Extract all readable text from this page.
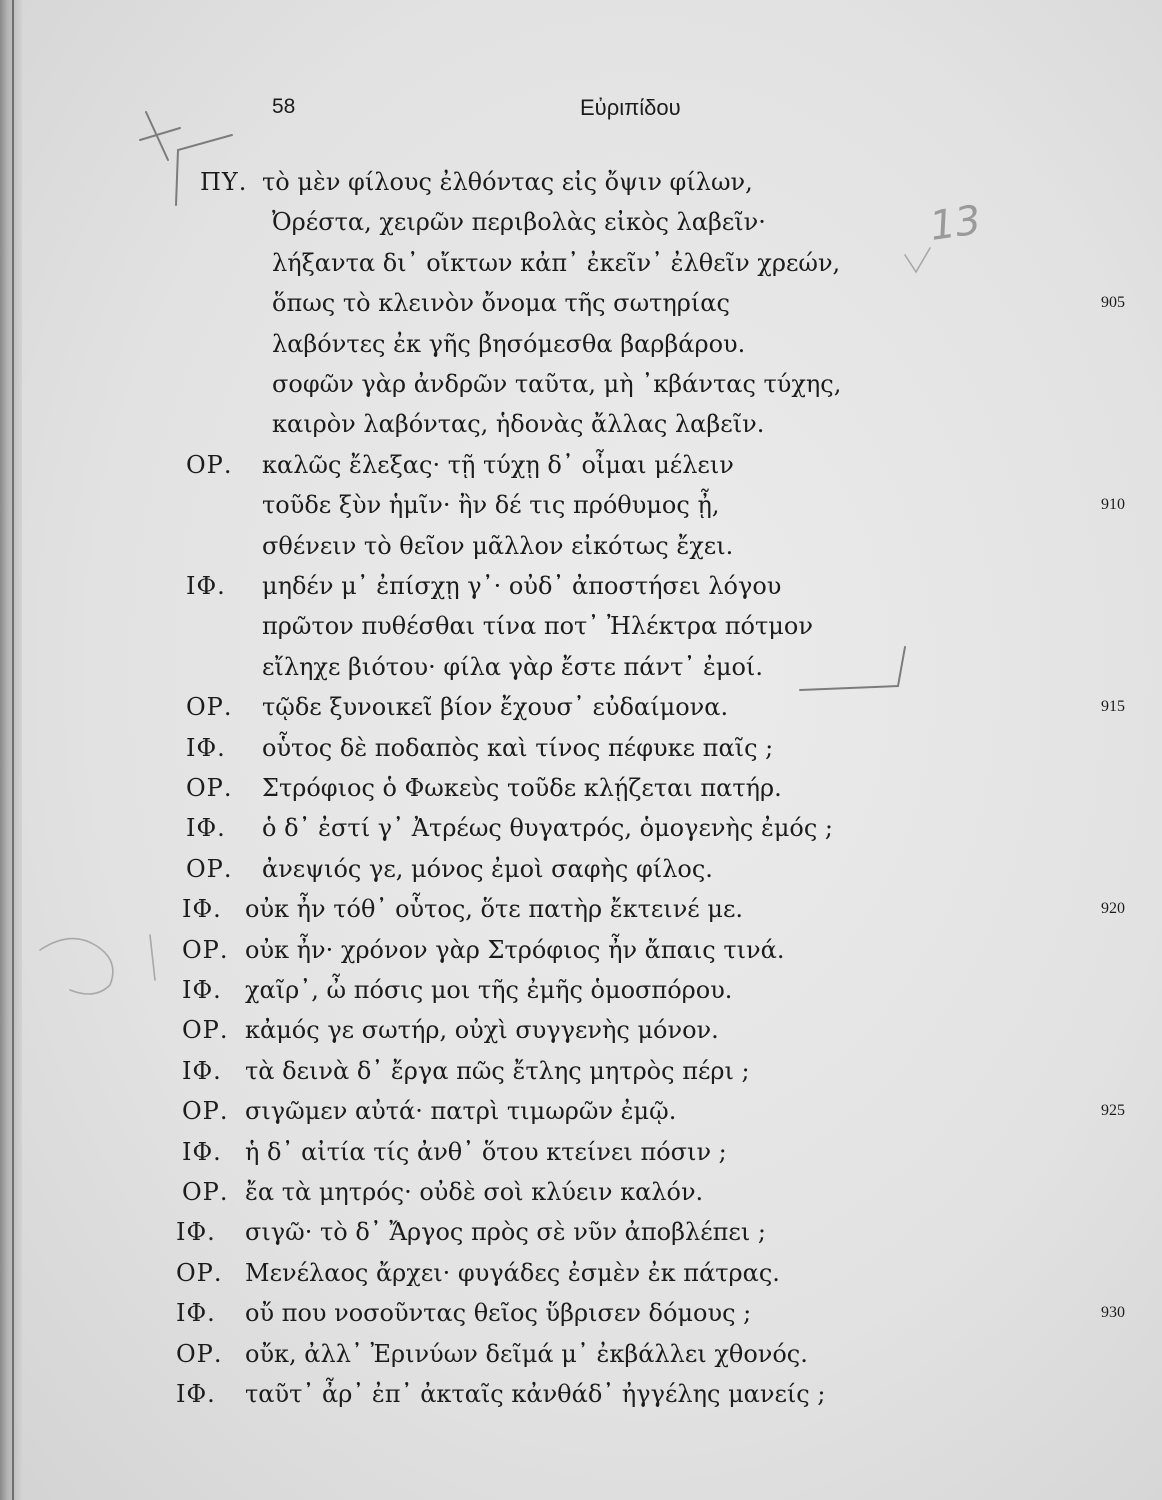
58	Εὐριπίδου
ΠΥ. τὸ μὲν φίλους ἐλθόντας εἰς ὄψιν φίλων,
Ὀρέστα, χειρῶν περιβολὰς εἰκὸς λαβεῖν·
λήξαντα δι᾽ οἴκτων κἀπ᾽ ἐκεῖν᾽ ἐλθεῖν χρεών,
ὅπως τὸ κλεινὸν ὄνομα τῆς σωτηρίας	905
λαβόντες ἐκ γῆς βησόμεσθα βαρβάρου.
σοφῶν γὰρ ἀνδρῶν ταῦτα, μὴ ᾽κβάντας τύχης,
καιρὸν λαβόντας, ἡδονὰς ἄλλας λαβεῖν.
ΟΡ. καλῶς ἔλεξας· τῇ τύχῃ δ᾽ οἶμαι μέλειν
τοῦδε ξὺν ἡμῖν· ἢν δέ τις πρόθυμος ᾖ,	910
σθένειν τὸ θεῖον μᾶλλον εἰκότως ἔχει.
ΙΦ. μηδέν μ᾽ ἐπίσχῃ γ᾽· οὐδ᾽ ἀποστήσει λόγου
πρῶτον πυθέσθαι τίνα ποτ᾽ Ἠλέκτρα πότμον
εἴληχε βιότου· φίλα γὰρ ἔστε πάντ᾽ ἐμοί.
ΟΡ. τῷδε ξυνοικεῖ βίον ἔχουσ᾽ εὐδαίμονα.	915
ΙΦ. οὗτος δὲ ποδαπὸς καὶ τίνος πέφυκε παῖς ;
ΟΡ. Στρόφιος ὁ Φωκεὺς τοῦδε κλῄζεται πατήρ.
ΙΦ. ὁ δ᾽ ἐστί γ᾽ Ἀτρέως θυγατρός, ὁμογενὴς ἐμός ;
ΟΡ. ἀνεψιός γε, μόνος ἐμοὶ σαφὴς φίλος.
ΙΦ. οὐκ ἦν τόθ᾽ οὗτος, ὅτε πατὴρ ἔκτεινέ με.	920
ΟΡ. οὐκ ἦν· χρόνον γὰρ Στρόφιος ἦν ἄπαις τινά.
ΙΦ. χαῖρ᾽, ὦ πόσις μοι τῆς ἐμῆς ὁμοσπόρου.
ΟΡ. κἀμός γε σωτήρ, οὐχὶ συγγενὴς μόνον.
ΙΦ. τὰ δεινὰ δ᾽ ἔργα πῶς ἔτλης μητρὸς πέρι ;
ΟΡ. σιγῶμεν αὐτά· πατρὶ τιμωρῶν ἐμῷ.	925
ΙΦ. ἡ δ᾽ αἰτία τίς ἀνθ᾽ ὅτου κτείνει πόσιν ;
ΟΡ. ἔα τὰ μητρός· οὐδὲ σοὶ κλύειν καλόν.
ΙΦ. σιγῶ· τὸ δ᾽ Ἄργος πρὸς σὲ νῦν ἀποβλέπει ;
ΟΡ. Μενέλαος ἄρχει· φυγάδες ἐσμὲν ἐκ πάτρας.
ΙΦ. οὔ που νοσοῦντας θεῖος ὕβρισεν δόμους ;	930
ΟΡ. οὔκ, ἀλλ᾽ Ἐρινύων δεῖμά μ᾽ ἐκβάλλει χθονός.
ΙΦ. ταῦτ᾽ ἆρ᾽ ἐπ᾽ ἀκταῖς κἀνθάδ᾽ ἠγγέλης μανείς ;
13
